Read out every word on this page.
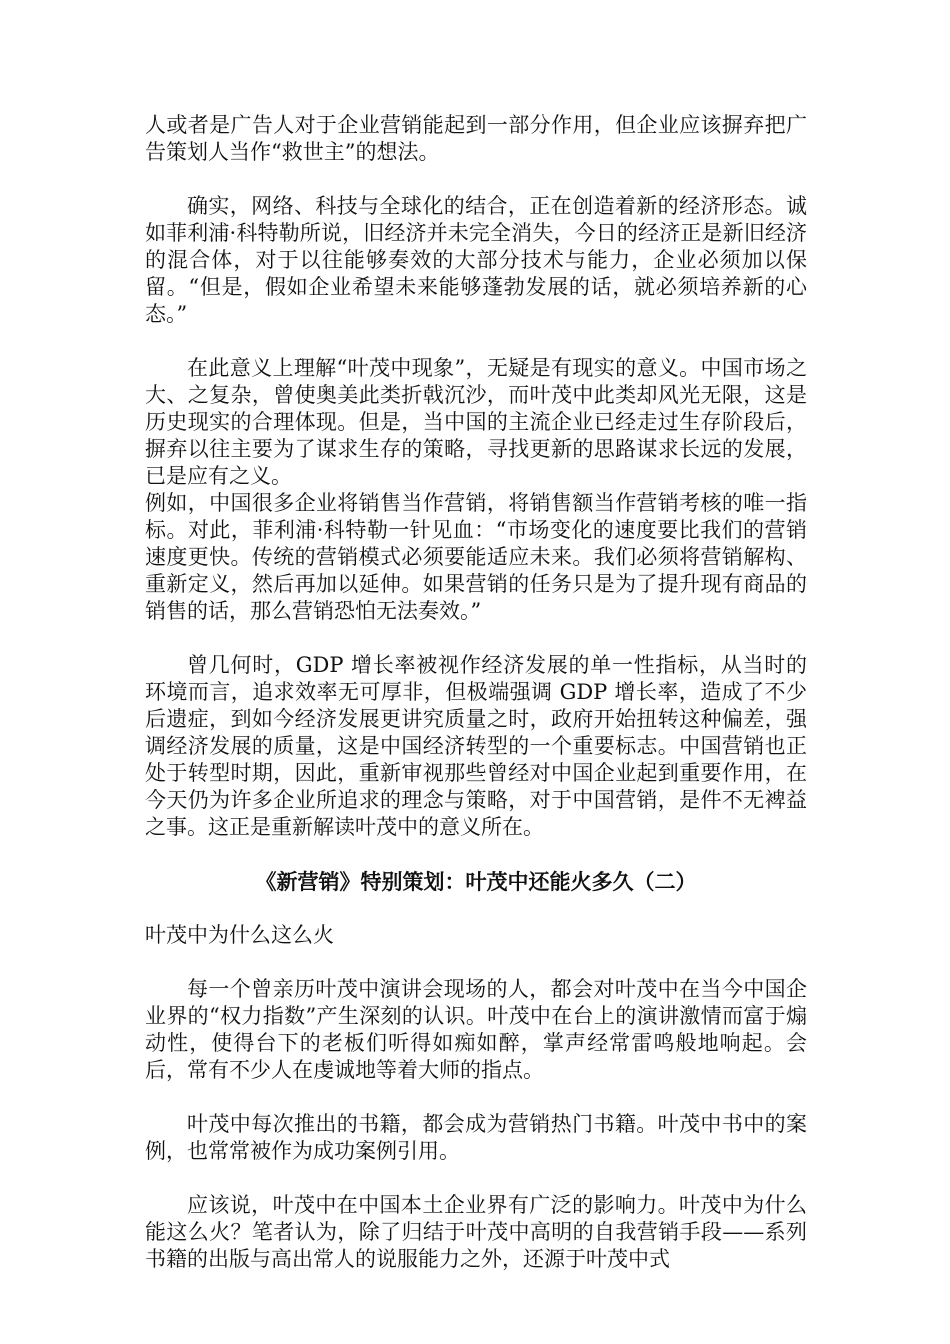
人或者是广告人对于企业营销能起到一部分作用，但企业应该摒弃把广告策划人当作“救世主”的想法。

确实，网络、科技与全球化的结合，正在创造着新的经济形态。诚如菲利浦·科特勒所说，旧经济并未完全消失，今日的经济正是新旧经济的混合体，对于以往能够奏效的大部分技术与能力，企业必须加以保留。“但是，假如企业希望未来能够蓬勃发展的话，就必须培养新的心态。”

在此意义上理解“叶茂中现象”，无疑是有现实的意义。中国市场之大、之复杂，曾使奥美此类折戟沉沙，而叶茂中此类却风光无限，这是历史现实的合理体现。但是，当中国的主流企业已经走过生存阶段后，摒弃以往主要为了谋求生存的策略，寻找更新的思路谋求长远的发展，已是应有之义。

例如，中国很多企业将销售当作营销，将销售额当作营销考核的唯一指标。对此，菲利浦·科特勒一针见血：“市场变化的速度要比我们的营销速度更快。传统的营销模式必须要能适应未来。我们必须将营销解构、重新定义，然后再加以延伸。如果营销的任务只是为了提升现有商品的销售的话，那么营销恐怕无法奏效。”

曾几何时，GDP 增长率被视作经济发展的单一性指标，从当时的环境而言，追求效率无可厚非，但极端强调 GDP 增长率，造成了不少后遗症，到如今经济发展更讲究质量之时，政府开始扭转这种偏差，强调经济发展的质量，这是中国经济转型的一个重要标志。中国营销也正处于转型时期，因此，重新审视那些曾经对中国企业起到重要作用，在今天仍为许多企业所追求的理念与策略，对于中国营销，是件不无裨益之事。这正是重新解读叶茂中的意义所在。

《新营销》特别策划：叶茂中还能火多久（二）

叶茂中为什么这么火

每一个曾亲历叶茂中演讲会现场的人，都会对叶茂中在当今中国企业界的“权力指数”产生深刻的认识。叶茂中在台上的演讲激情而富于煽动性，使得台下的老板们听得如痴如醉，掌声经常雷鸣般地响起。会后，常有不少人在虔诚地等着大师的指点。

叶茂中每次推出的书籍，都会成为营销热门书籍。叶茂中书中的案例，也常常被作为成功案例引用。

应该说，叶茂中在中国本土企业界有广泛的影响力。叶茂中为什么能这么火？笔者认为，除了归结于叶茂中高明的自我营销手段——系列书籍的出版与高出常人的说服能力之外，还源于叶茂中式
